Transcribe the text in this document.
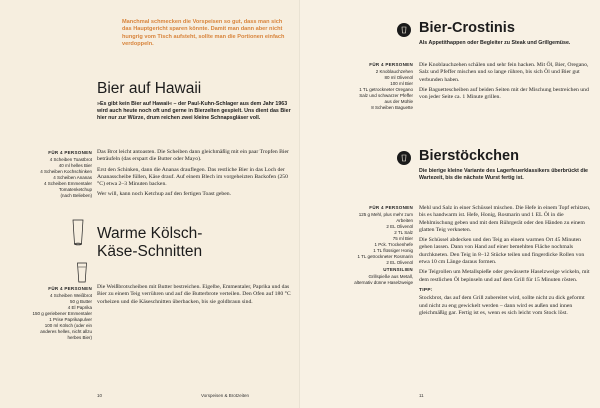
Manchmal schmecken die Vorspeisen so gut, dass man sich das Hauptgericht sparen könnte. Damit man dann aber nicht hungrig vom Tisch aufsteht, sollte man die Portionen einfach verdoppeln.
Bier auf Hawaii
»Es gibt kein Bier auf Hawaii« – der Paul-Kuhn-Schlager aus dem Jahr 1963 wird auch heute noch oft und gerne in Bierzelten gespielt. Uns dient das Bier hier nur zur Würze, drum reichen zwei kleine Schnapsgläser voll.
FÜR 4 PERSONEN
4 Scheiben Toastbrot
40 ml helles Bier
4 Scheiben Kochschinken
4 Scheiben Ananas
4 Scheiben Emmentaler
Tomatenketchup
(nach Belieben)

Das Brot leicht antoasten. Die Scheiben dann gleichmäßig mit ein paar Tropfen Bier beträufeln (das erspart die Butter oder Mayo).

Erst den Schinken, dann die Ananas drauflegen. Das restliche Bier in das Loch der Ananasscheibe füllen, Käse drauf. Auf einem Blech im vorgeheizten Backofen (250 °C) etwa 2–3 Minuten backen.

Wer will, kann noch Ketchup auf den fertigen Toast geben.

Warme Kölsch-
Käse-Schnitten
FÜR 4 PERSONEN
4 Scheiben Weißbrot
50 g Butter
4 El Paprika
150 g geriebener Emmentaler
1 Prise Paprikapulver
100 ml Kölsch (oder ein
anderes helles, nicht allzu
herbes Bier)

Die Weißbrotscheiben mit Butter bestreichen. Eigelbe, Emmentaler, Paprika und das Bier zu einem Teig verrühren und auf die Butterbrote verteilen. Den Ofen auf 180 °C vorheizen und die Käseschnitten überbacken, bis sie goldbraun sind.

10
Bier-Crostinis
Als Appetithappen oder Begleiter zu Steak und Grillgemüse.
FÜR 4 PERSONEN
2 Knoblauchzehen
80 ml Olivenöl
100 ml Bier
1 TL getrockneter Oregano
Salz und schwarzer Pfeffer
aus der Mühle
8 Scheiben Baguette

Die Knoblauchzehen schälen und sehr fein hacken. Mit Öl, Bier, Oregano, Salz und Pfeffer mischen und so lange rühren, bis sich Öl und Bier gut verbunden haben.

Die Baguettescheiben auf beiden Seiten mit der Mischung bestreichen und von jeder Seite ca. 1 Minute grillen.

Bierstöckchen
Die bierige kleine Variante des Lagerfeuerklassikers überbrückt die Wartezeit, bis die nächste Wurst fertig ist.
FÜR 4 PERSONEN
125 g Mehl, plus mehr zum
Arbeiten
2 EL Olivenöl
2 TL Salz
75 ml Bier
1 Pck. Trockenhefe
1 TL flüssiger Honig
1 TL getrockneter Rosmarin
2 EL Olivenöl
UTENSILIEN
Grillspieße aus Metall,
alternativ dünne Haselzweige

Mehl und Salz in einer Schüssel mischen. Die Hefe in einem Topf erhitzen, bis es handwarm ist. Hefe, Honig, Rosmarin und 1 EL Öl in die Mehlmischung geben und mit dem Rührgerät oder den Händen zu einem glatten Teig verkneten.

Die Schüssel abdecken und den Teig an einem warmen Ort 45 Minuten gehen lassen. Dann von Hand auf einer bemehlten Fläche nochmals durchkneten. Den Teig in 8–12 Stücke teilen und fingerdicke Rollen von etwa 10 cm Länge daraus formen.

Die Teigrollen um Metallspieße oder gewässerte Haselzweige wickeln, mit dem restlichen Öl bepinseln und auf dem Grill für 15 Minuten rösten.

TIPP:

Stockbrot, das auf dem Grill zubereitet wird, sollte nicht zu dick geformt und nicht zu eng gewickelt werden – dann wird es außen und innen gleichmäßig gar. Fertig ist es, wenn es sich leicht vom Stock löst.

Vorspeisen & Brotzeiten	11
